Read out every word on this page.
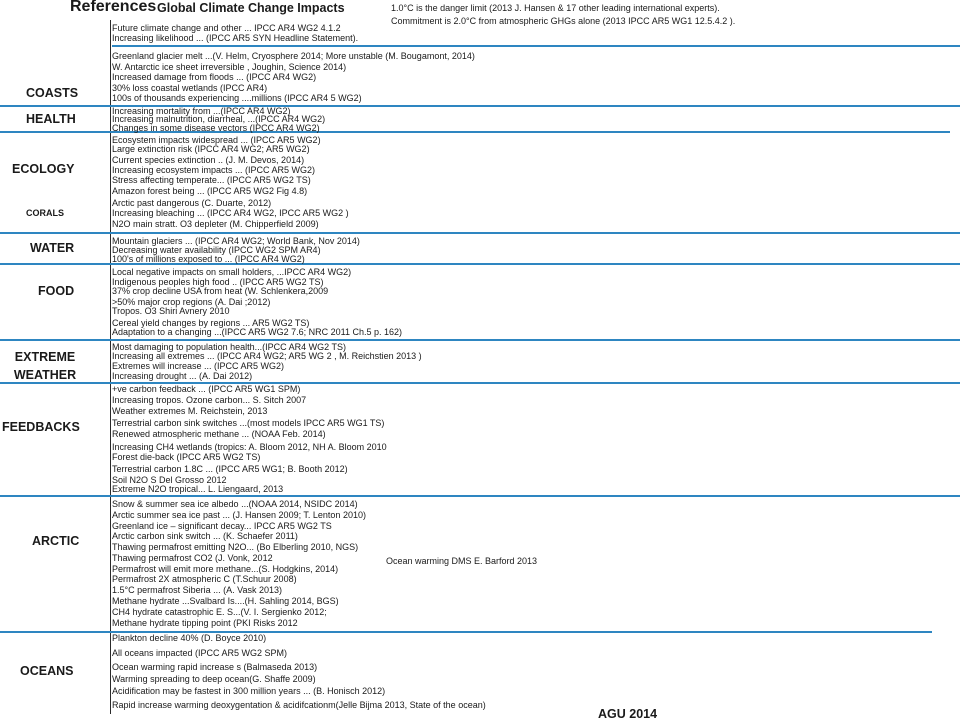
References Global Climate Change Impacts	1.0°C is the danger limit (2013 J. Hansen & 17 other leading international experts).
Commitment is 2.0°C from atmospheric GHGs alone (2013 IPCC AR5 WG1 12.5.4.2 ).
COASTS
HEALTH
ECOLOGY
CORALS
WATER
FOOD
EXTREME
WEATHER
FEEDBACKS
ARCTIC
OCEANS
Future climate change and other ... IPCC AR4 WG2 4.1.2
Increasing likelihood ... (IPCC AR5 SYN Headline Statement).
Greenland glacier melt ...(V. Helm, Cryosphere 2014; More unstable (M. Bougamont, 2014)
W. Antarctic ice sheet irreversible , Joughin, Science 2014)
Increased damage from floods ... (IPCC AR4 WG2)
30% loss coastal wetlands (IPCC AR4)
100s of thousands experiencing ....millions (IPCC AR4 5 WG2)
Increasing mortality from ...(IPCC AR4 WG2)
Increasing malnutrition, diarrheal, ...(IPCC AR4 WG2)
Changes in some disease vectors (IPCC AR4 WG2)
Ecosystem impacts widespread ... (IPCC AR5 WG2)
Large extinction risk (IPCC AR4 WG2; AR5 WG2)
Current species extinction .. (J. M. Devos, 2014)
Increasing ecosystem impacts ... (IPCC AR5 WG2)
Stress affecting temperate... (IPCC AR5 WG2 TS)
Amazon forest being ... (IPCC AR5 WG2 Fig 4.8)
Arctic past dangerous (C. Duarte, 2012)
Increasing bleaching ... (IPCC AR4 WG2, IPCC AR5 WG2 )
N2O main stratt. O3 depleter (M. Chipperfield 2009)
Mountain glaciers ... (IPCC AR4 WG2; World Bank, Nov 2014)
Decreasing water availability (IPCC WG2 SPM AR4)
100's of millions exposed to ... (IPCC AR4 WG2)
Local negative impacts on small holders, ...IPCC AR4 WG2)
Indigenous peoples high food .. (IPCC AR5 WG2 TS)
37% crop decline USA from heat (W. Schlenkera,2009
>50% major crop regions (A. Dai ;2012)
Tropos. O3 Shiri Avnery 2010
Cereal yield changes by regions ... AR5 WG2 TS)
Adaptation to a changing ...(IPCC AR5 WG2 7.6; NRC 2011 Ch.5 p. 162)
Most damaging to population health...(IPCC AR4 WG2 TS)
Increasing all extremes ... (IPCC AR4 WG2; AR5 WG 2 , M. Reichstien 2013 )
Extremes will increase ... (IPCC AR5 WG2)
Increasing drought ... (A. Dai 2012)
+ve carbon feedback ... (IPCC AR5 WG1 SPM)
Increasing tropos. Ozone carbon... S. Sitch 2007
Weather extremes M. Reichstein, 2013
Terrestrial carbon sink switches ...(most models IPCC AR5 WG1 TS)
Renewed atmospheric methane ... (NOAA Feb. 2014)
Increasing CH4 wetlands (tropics: A. Bloom 2012, NH A. Bloom 2010
Forest die-back (IPCC AR5 WG2 TS)
Terrestrial carbon 1.8C ... (IPCC AR5 WG1; B. Booth 2012)
Soil N2O S Del Grosso 2012
Extreme N2O tropical... L. Liengaard, 2013
Snow & summer sea ice albedo ...(NOAA 2014, NSIDC 2014)
Arctic summer sea ice past ... (J. Hansen 2009; T. Lenton 2010)
Greenland ice – significant decay... IPCC AR5 WG2 TS
Arctic carbon sink switch ... (K. Schaefer 2011)
Thawing permafrost emitting N2O... (Bo Elberling 2010, NGS)
Thawing permafrost CO2 (J. Vonk, 2012
Permafrost will emit more methane...(S. Hodgkins, 2014)
Permafrost 2X atmospheric C (T.Schuur 2008)
1.5°C permafrost Siberia ... (A. Vask 2013)
Methane hydrate ...Svalbard Is....(H. Sahling 2014, BGS)
CH4 hydrate catastrophic E. S...(V. I. Sergienko 2012;
Methane hydrate tipping point (PKI Risks 2012
Plankton decline 40% (D. Boyce 2010)
All oceans impacted (IPCC AR5 WG2 SPM)
Ocean warming rapid increase s (Balmaseda 2013)
Warming spreading to deep ocean(G. Shaffe 2009)
Acidification may be fastest in 300 million years ... (B. Honisch 2012)
Rapid increase warming deoxygentation & acidifcationm(Jelle Bijma 2013, State of the ocean)
Ocean warming DMS E. Barford 2013
AGU 2014
